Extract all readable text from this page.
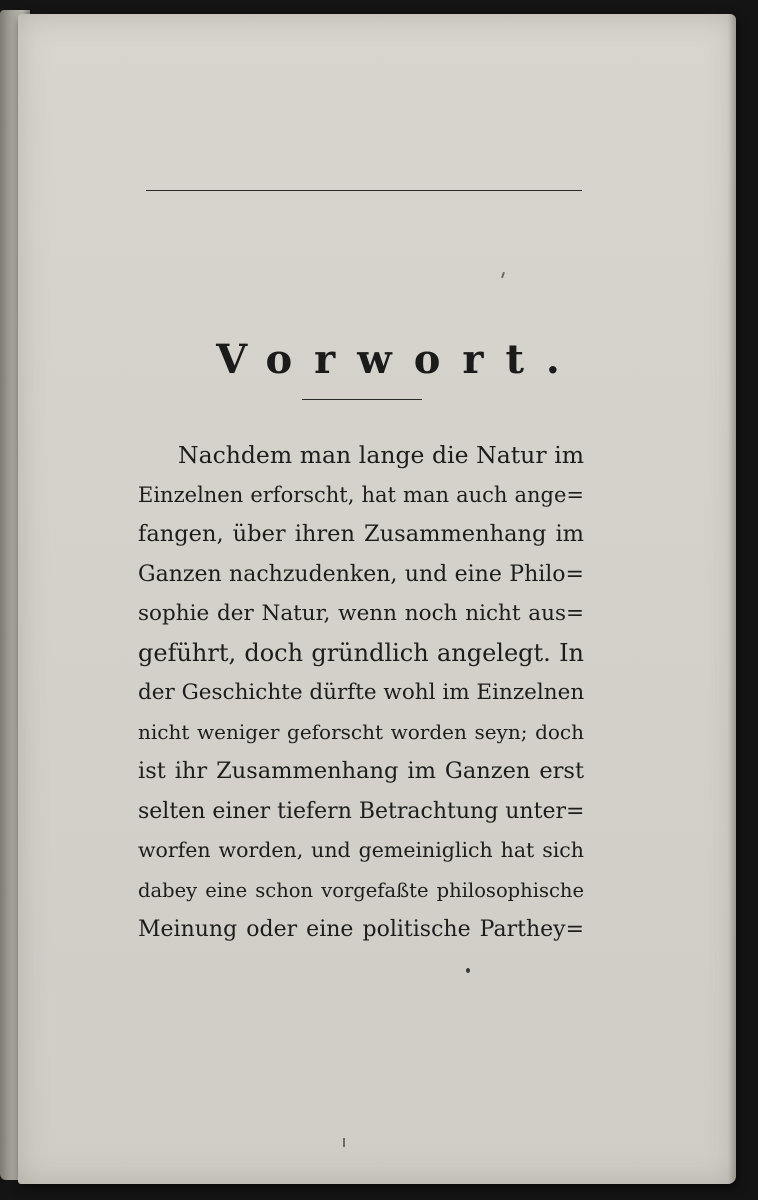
Vorwort.
Nachdem man lange die Natur im
Einzelnen erforscht, hat man auch ange=
fangen, über ihren Zusammenhang im
Ganzen nachzudenken, und eine Philo=
sophie der Natur, wenn noch nicht aus=
geführt, doch gründlich angelegt. In
der Geschichte dürfte wohl im Einzelnen
nicht weniger geforscht worden seyn; doch
ist ihr Zusammenhang im Ganzen erst
selten einer tiefern Betrachtung unter=
worfen worden, und gemeiniglich hat sich
dabey eine schon vorgefaßte philosophische
Meinung oder eine politische Parthey=
